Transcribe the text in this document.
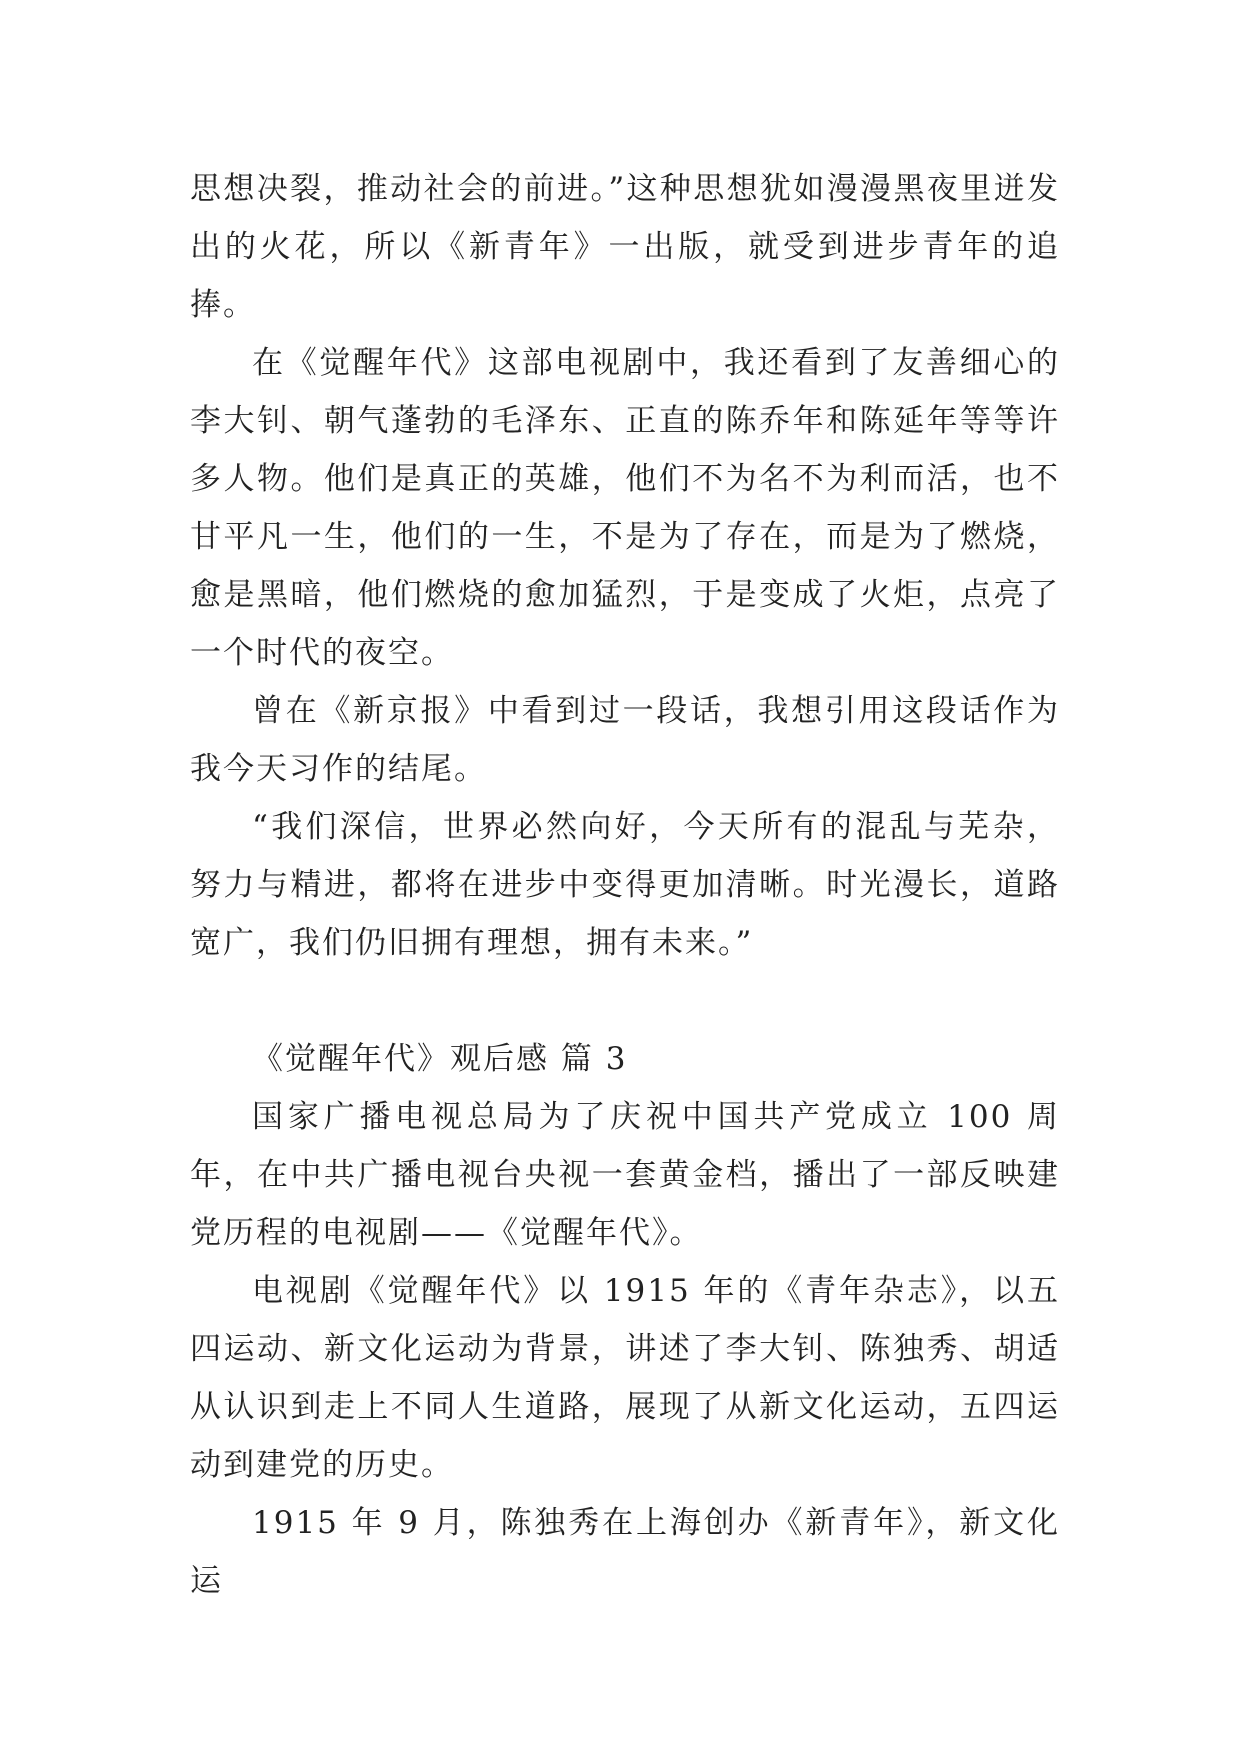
思想决裂，推动社会的前进。”这种思想犹如漫漫黑夜里迸发出的火花，所以《新青年》一出版，就受到进步青年的追捧。

在《觉醒年代》这部电视剧中，我还看到了友善细心的李大钊、朝气蓬勃的毛泽东、正直的陈乔年和陈延年等等许多人物。他们是真正的英雄，他们不为名不为利而活，也不甘平凡一生，他们的一生，不是为了存在，而是为了燃烧，愈是黑暗，他们燃烧的愈加猛烈，于是变成了火炬，点亮了一个时代的夜空。

曾在《新京报》中看到过一段话，我想引用这段话作为我今天习作的结尾。

“我们深信，世界必然向好，今天所有的混乱与芜杂，努力与精进，都将在进步中变得更加清晰。时光漫长，道路宽广，我们仍旧拥有理想，拥有未来。”

《觉醒年代》观后感 篇 3

国家广播电视总局为了庆祝中国共产党成立 100 周年，在中共广播电视台央视一套黄金档，播出了一部反映建党历程的电视剧——《觉醒年代》。

电视剧《觉醒年代》以 1915 年的《青年杂志》，以五四运动、新文化运动为背景，讲述了李大钊、陈独秀、胡适从认识到走上不同人生道路，展现了从新文化运动，五四运动到建党的历史。

1915 年 9 月，陈独秀在上海创办《新青年》，新文化运
